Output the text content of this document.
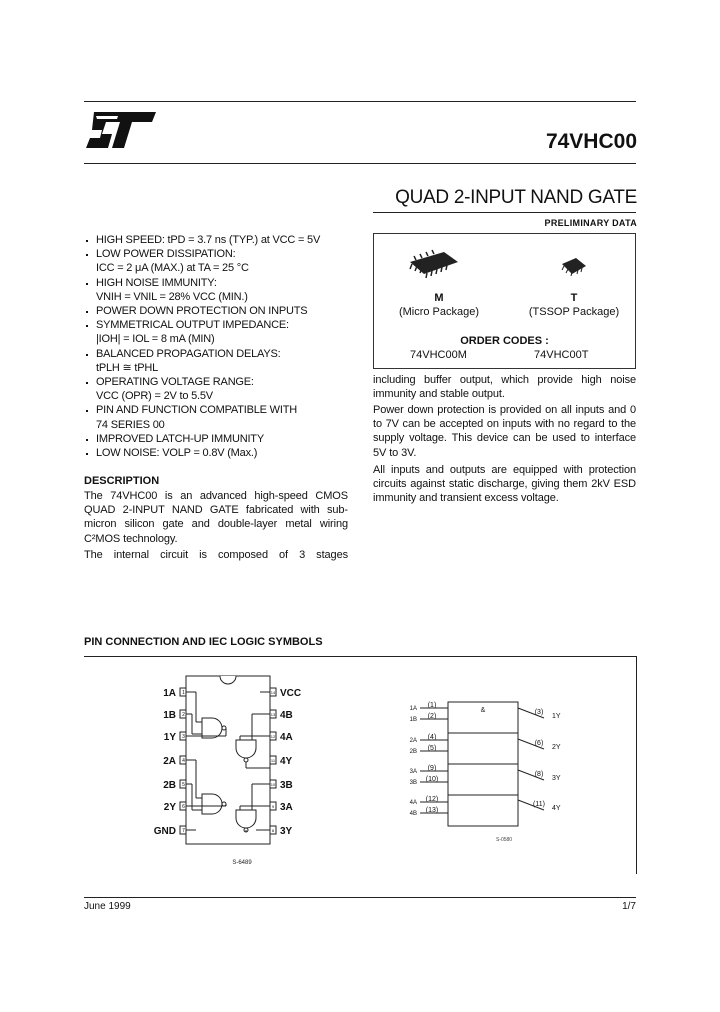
74VHC00
QUAD 2-INPUT NAND GATE
PRELIMINARY DATA

HIGH SPEED: tPD = 3.7 ns (TYP.) at VCC = 5V

LOW POWER DISSIPATION:

ICC = 2 μA (MAX.) at TA = 25 °C

HIGH NOISE IMMUNITY:

VNIH = VNIL = 28% VCC (MIN.)

POWER DOWN PROTECTION ON INPUTS

SYMMETRICAL OUTPUT IMPEDANCE:

|IOH| = IOL = 8 mA (MIN)

BALANCED PROPAGATION DELAYS:

tPLH ≅ tPHL

OPERATING VOLTAGE RANGE:

VCC (OPR) = 2V to 5.5V

PIN AND FUNCTION COMPATIBLE WITH

74 SERIES 00

IMPROVED LATCH-UP IMMUNITY

LOW NOISE: VOLP = 0.8V (Max.)

M
(Micro Package)
T
(TSSOP Package)
ORDER CODES :
74VHC00M	74VHC00T
DESCRIPTION
The 74VHC00 is an advanced high-speed CMOS QUAD 2-INPUT NAND GATE fabricated with sub-micron silicon gate and double-layer metal wiring C²MOS technology.
The internal circuit is composed of 3 stages
including buffer output, which provide high noise immunity and stable output.
Power down protection is provided on all inputs and 0 to 7V can be accepted on inputs with no regard to the supply voltage. This device can be used to interface 5V to 3V.
All inputs and outputs are equipped with protection circuits against static discharge, giving them 2kV ESD immunity and transient excess voltage.
PIN CONNECTION AND IEC LOGIC SYMBOLS
1
1A
2
1B
3
1Y
4
2A
5
2B
6
2Y
7
GND
14 VCC
13 4B
12 4A
11 4Y
10 3B
9 3A
8 3Y
S-6489
&
1A (1)
1B (2)
2A (4)
2B (5)
3A (9)
3B (10)
4A (12)
4B (13)
(3)
1Y
(6)
2Y
(8)
3Y
(11)
4Y
S-0580
June 1999	1/7
